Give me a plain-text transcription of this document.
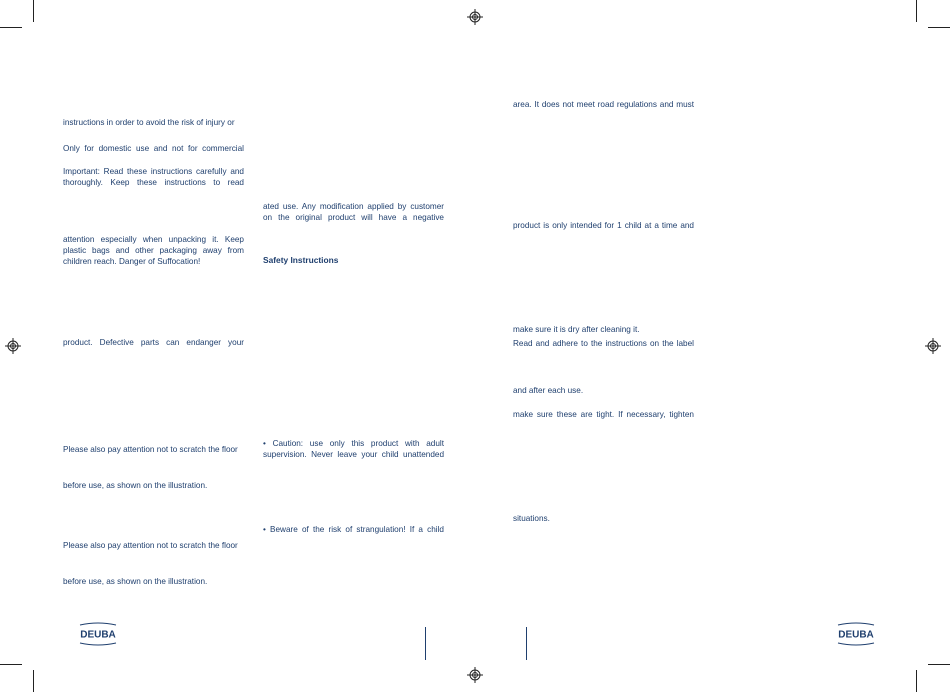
instructions in order to avoid the risk of injury or
Only for domestic use and not for commercial
Important: Read these instructions carefully and
thoroughly. Keep these instructions to read
attention especially when unpacking it. Keep
plastic bags and other packaging away from
children reach. Danger of Suffocation!
product. Defective parts can endanger your
Please also pay attention not to scratch the floor
before use, as shown on the illustration.
Please also pay attention not to scratch the floor
before use, as shown on the illustration.
ated use. Any modification applied by customer
on the original product will have a negative
Safety Instructions
• Caution: use only this product with adult
supervision. Never leave your child unattended
• Beware of the risk of strangulation! If a child
area. It does not meet road regulations and must
product is only intended for 1 child at a time and
make sure it is dry after cleaning it.
Read and adhere to the instructions on the label
and after each use.
make sure these are tight. If necessary, tighten
situations.
DEUBA	DEUBA
